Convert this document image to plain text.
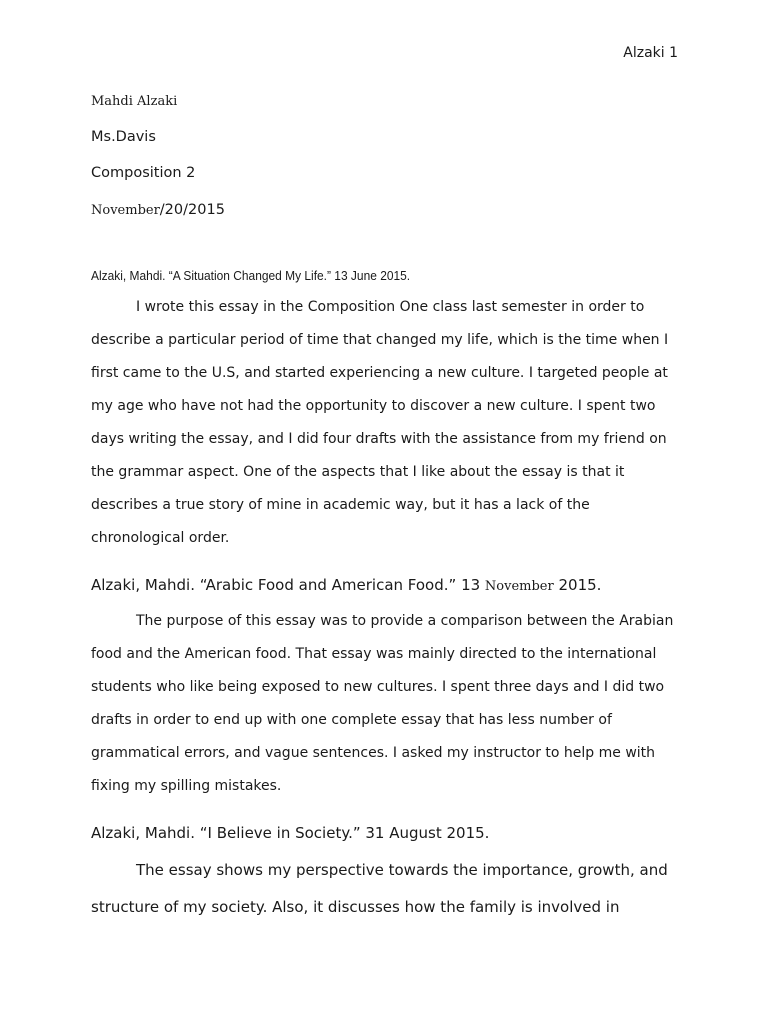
Alzaki 1
Mahdi Alzaki
Ms.Davis
Composition 2
November/20/2015
Alzaki, Mahdi. “A Situation Changed My Life.” 13 June 2015.
I wrote this essay in the Composition One class last semester in order to
describe a particular period of time that changed my life, which is the time when I
first came to the U.S, and started experiencing a new culture. I targeted people at
my age who have not had the opportunity to discover a new culture. I spent two
days writing the essay, and I did four drafts with the assistance from my friend on
the grammar aspect. One of the aspects that I like about the essay is that it
describes a true story of mine in academic way, but it has a lack of the
chronological order.
Alzaki, Mahdi. “Arabic Food and American Food.” 13 November 2015.
The purpose of this essay was to provide a comparison between the Arabian
food and the American food. That essay was mainly directed to the international
students who like being exposed to new cultures. I spent three days and I did two
drafts in order to end up with one complete essay that has less number of
grammatical errors, and vague sentences. I asked my instructor to help me with
fixing my spilling mistakes.
Alzaki, Mahdi. “I Believe in Society.” 31 August 2015.
The essay shows my perspective towards the importance, growth, and
structure of my society. Also, it discusses how the family is involved in
